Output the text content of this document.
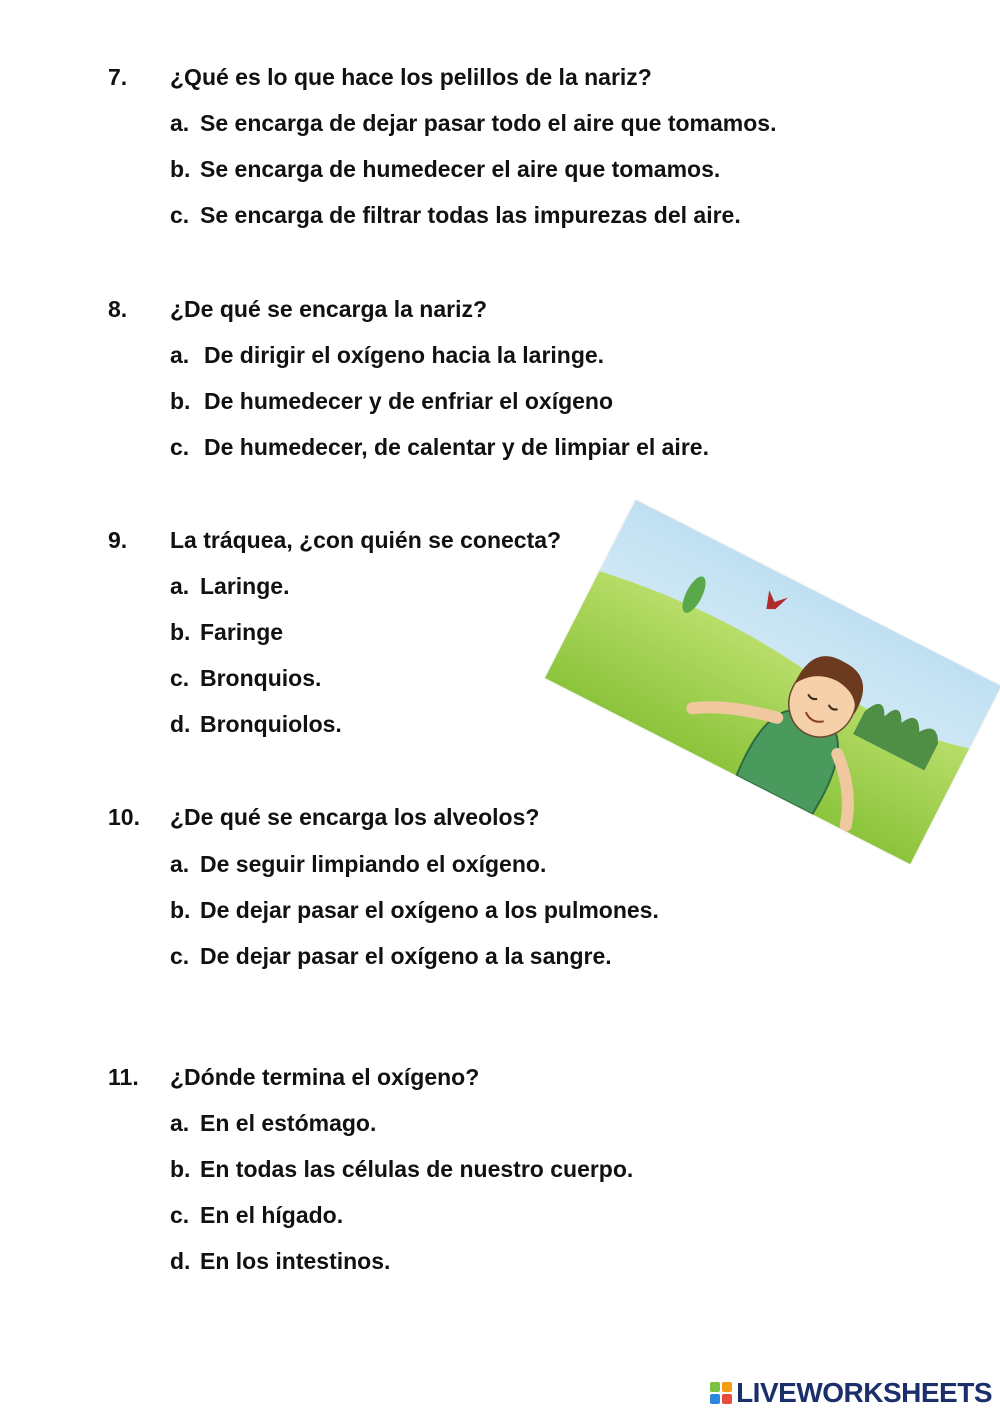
7. ¿Qué es lo que hace los pelillos de la nariz?
a. Se encarga de dejar pasar todo el aire que tomamos.
b. Se encarga de humedecer el aire que tomamos.
c. Se encarga de filtrar todas las impurezas del aire.
8. ¿De qué se encarga la nariz?
a. De dirigir el oxígeno hacia la laringe.
b. De humedecer y de enfriar el oxígeno
c. De humedecer, de calentar y de limpiar el aire.
9. La tráquea, ¿con quién se conecta?
a. Laringe.
b. Faringe
c. Bronquios.
d. Bronquiolos.
10. ¿De qué se encarga los alveolos?
a. De seguir limpiando el oxígeno.
b. De dejar pasar el oxígeno a los pulmones.
c. De dejar pasar el oxígeno a la sangre.
11. ¿Dónde termina el oxígeno?
a. En el estómago.
b. En todas las células de nuestro cuerpo.
c. En el hígado.
d. En los intestinos.
LIVEWORKSHEETS
